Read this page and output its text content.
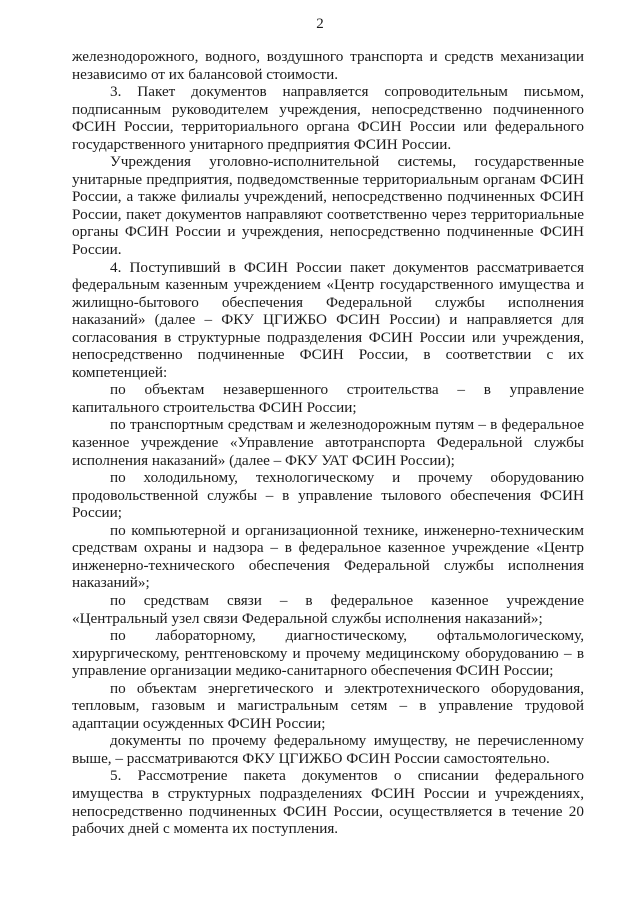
2

железнодорожного, водного, воздушного транспорта и средств механизации независимо от их балансовой стоимости.

3. Пакет документов направляется сопроводительным письмом, подписанным руководителем учреждения, непосредственно подчиненного ФСИН России, территориального органа ФСИН России или федерального государственного унитарного предприятия ФСИН России.

Учреждения уголовно-исполнительной системы, государственные унитарные предприятия, подведомственные территориальным органам ФСИН России, а также филиалы учреждений, непосредственно подчиненных ФСИН России, пакет документов направляют соответственно через территориальные органы ФСИН России и учреждения, непосредственно подчиненные ФСИН России.

4. Поступивший в ФСИН России пакет документов рассматривается федеральным казенным учреждением «Центр государственного имущества и жилищно-бытового обеспечения Федеральной службы исполнения наказаний» (далее – ФКУ ЦГИЖБО ФСИН России) и направляется для согласования в структурные подразделения ФСИН России или учреждения, непосредственно подчиненные ФСИН России, в соответствии с их компетенцией:

по объектам незавершенного строительства – в управление капитального строительства ФСИН России;

по транспортным средствам и железнодорожным путям – в федеральное казенное учреждение «Управление автотранспорта Федеральной службы исполнения наказаний» (далее – ФКУ УАТ ФСИН России);

по холодильному, технологическому и прочему оборудованию продовольственной службы – в управление тылового обеспечения ФСИН России;

по компьютерной и организационной технике, инженерно-техническим средствам охраны и надзора – в федеральное казенное учреждение «Центр инженерно-технического обеспечения Федеральной службы исполнения наказаний»;

по средствам связи – в федеральное казенное учреждение «Центральный узел связи Федеральной службы исполнения наказаний»;

по лабораторному, диагностическому, офтальмологическому, хирургическому, рентгеновскому и прочему медицинскому оборудованию – в управление организации медико-санитарного обеспечения ФСИН России;

по объектам энергетического и электротехнического оборудования, тепловым, газовым и магистральным сетям – в управление трудовой адаптации осужденных ФСИН России;

документы по прочему федеральному имуществу, не перечисленному выше, – рассматриваются ФКУ ЦГИЖБО ФСИН России самостоятельно.

5. Рассмотрение пакета документов о списании федерального имущества в структурных подразделениях ФСИН России и учреждениях, непосредственно подчиненных ФСИН России, осуществляется в течение 20 рабочих дней с момента их поступления.
